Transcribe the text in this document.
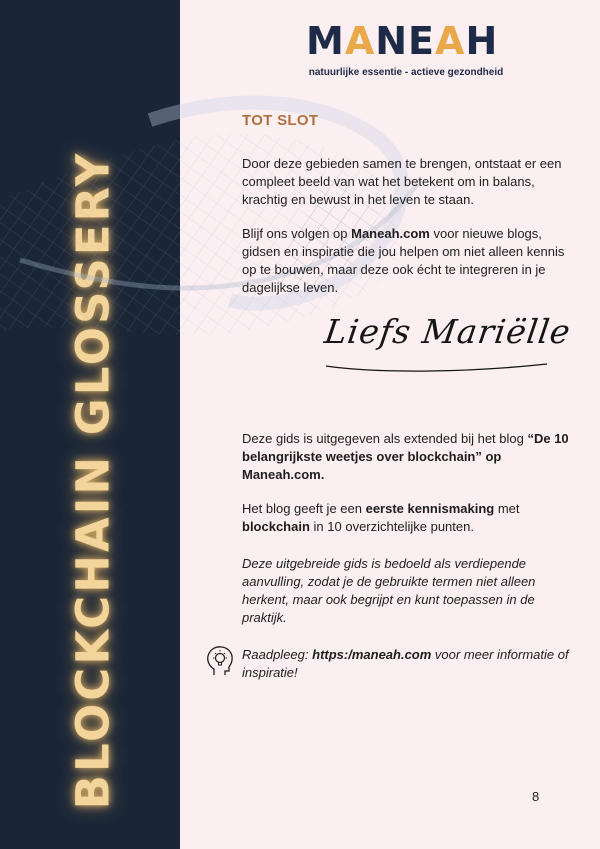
BLOCKCHAIN GLOSSERY
MANEAH
natuurlijke essentie - actieve gezondheid
TOT SLOT
Door deze gebieden samen te brengen, ontstaat er een compleet beeld van wat het betekent om in balans, krachtig en bewust in het leven te staan.
Blijf ons volgen op Maneah.com voor nieuwe blogs, gidsen en inspiratie die jou helpen om niet alleen kennis op te bouwen, maar deze ook écht te integreren in je dagelijkse leven.
Liefs Mariëlle
Deze gids is uitgegeven als extended bij het blog “De 10 belangrijkste weetjes over blockchain” op Maneah.com.
Het blog geeft je een eerste kennismaking met blockchain in 10 overzichtelijke punten.
Deze uitgebreide gids is bedoeld als verdiepende aanvulling, zodat je de gebruikte termen niet alleen herkent, maar ook begrijpt en kunt toepassen in de praktijk.
Raadpleeg: https:/maneah.com voor meer informatie of inspiratie!
8
